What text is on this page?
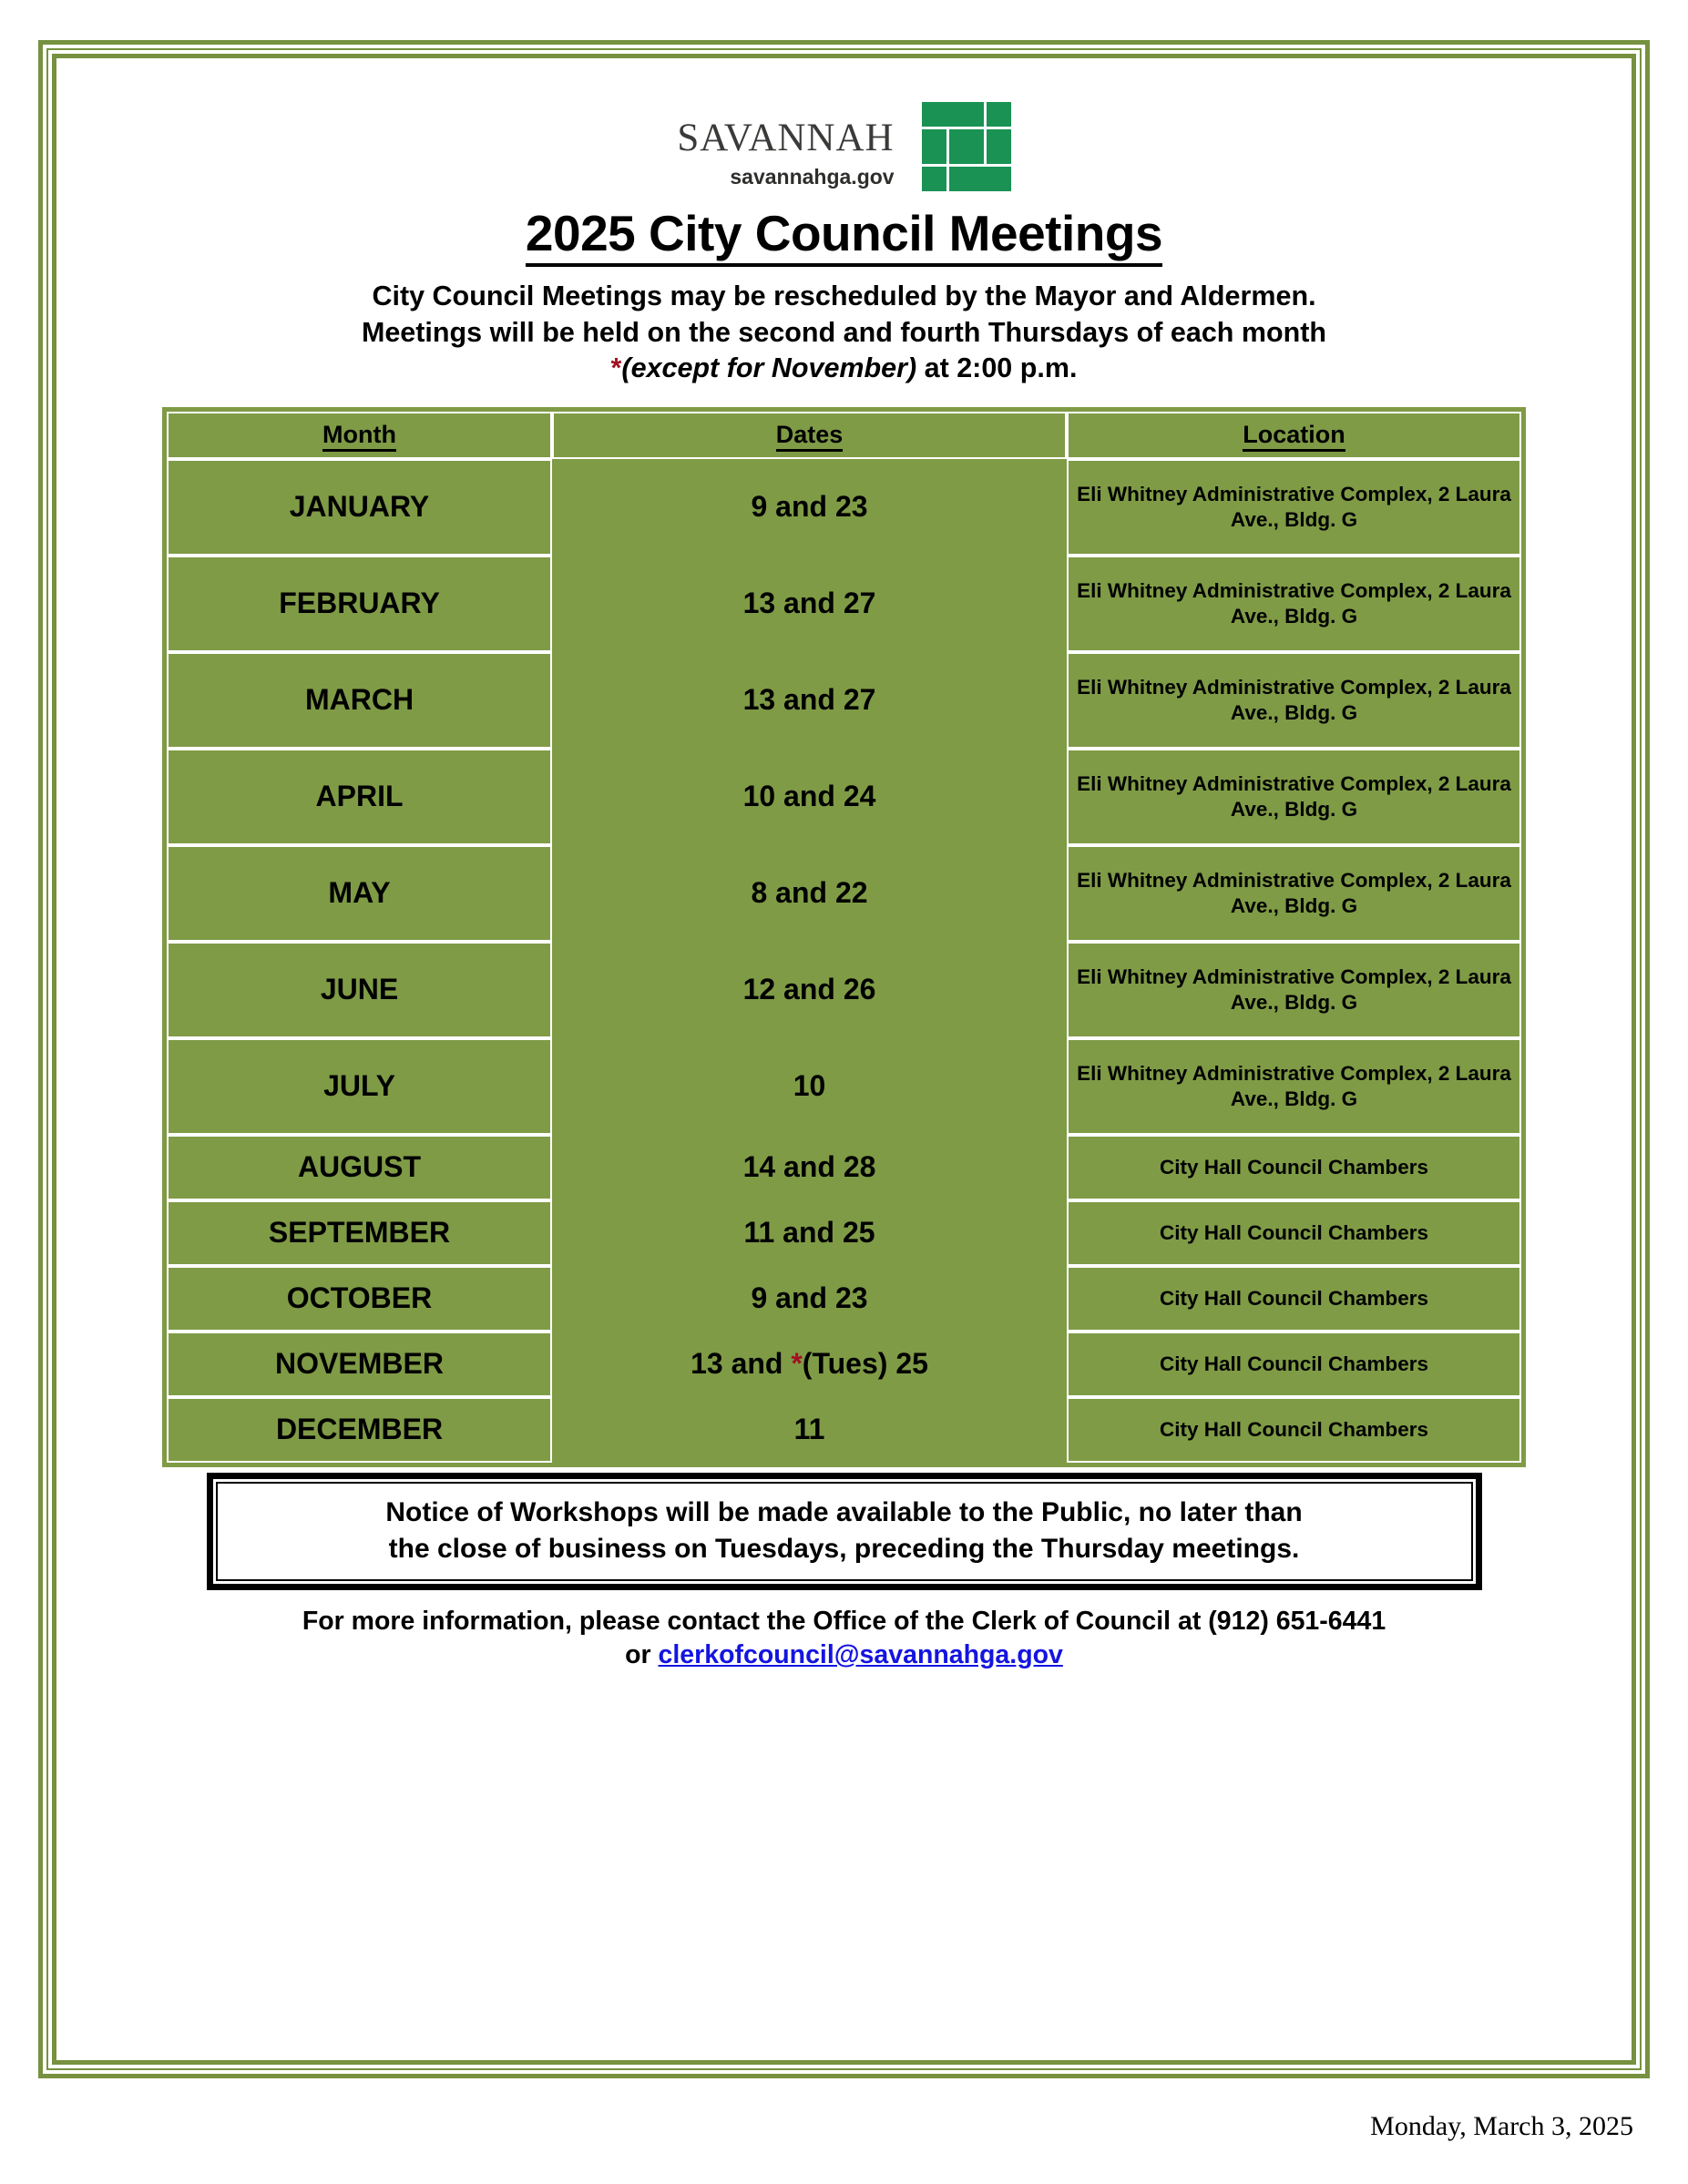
savannah
savannahga.gov
2025 City Council Meetings
City Council Meetings may be rescheduled by the Mayor and Aldermen.
Meetings will be held on the second and fourth Thursdays of each month
*(except for November) at 2:00 p.m.
Month	Dates	Location
JANUARY	9 and 23	Eli Whitney Administrative Complex, 2 Laura Ave., Bldg. G
FEBRUARY	13 and 27	Eli Whitney Administrative Complex, 2 Laura Ave., Bldg. G
MARCH	13 and 27	Eli Whitney Administrative Complex, 2 Laura Ave., Bldg. G
APRIL	10 and 24	Eli Whitney Administrative Complex, 2 Laura Ave., Bldg. G
MAY	8 and 22	Eli Whitney Administrative Complex, 2 Laura Ave., Bldg. G
JUNE	12 and 26	Eli Whitney Administrative Complex, 2 Laura Ave., Bldg. G
JULY	10	Eli Whitney Administrative Complex, 2 Laura Ave., Bldg. G
AUGUST	14 and 28	City Hall Council Chambers
SEPTEMBER	11 and 25	City Hall Council Chambers
OCTOBER	9 and 23	City Hall Council Chambers
NOVEMBER	13 and *(Tues) 25	City Hall Council Chambers
DECEMBER	11	City Hall Council Chambers
Notice of Workshops will be made available to the Public, no later than
the close of business on Tuesdays, preceding the Thursday meetings.
For more information, please contact the Office of the Clerk of Council at (912) 651-6441
or clerkofcouncil@savannahga.gov
Monday, March 3, 2025
